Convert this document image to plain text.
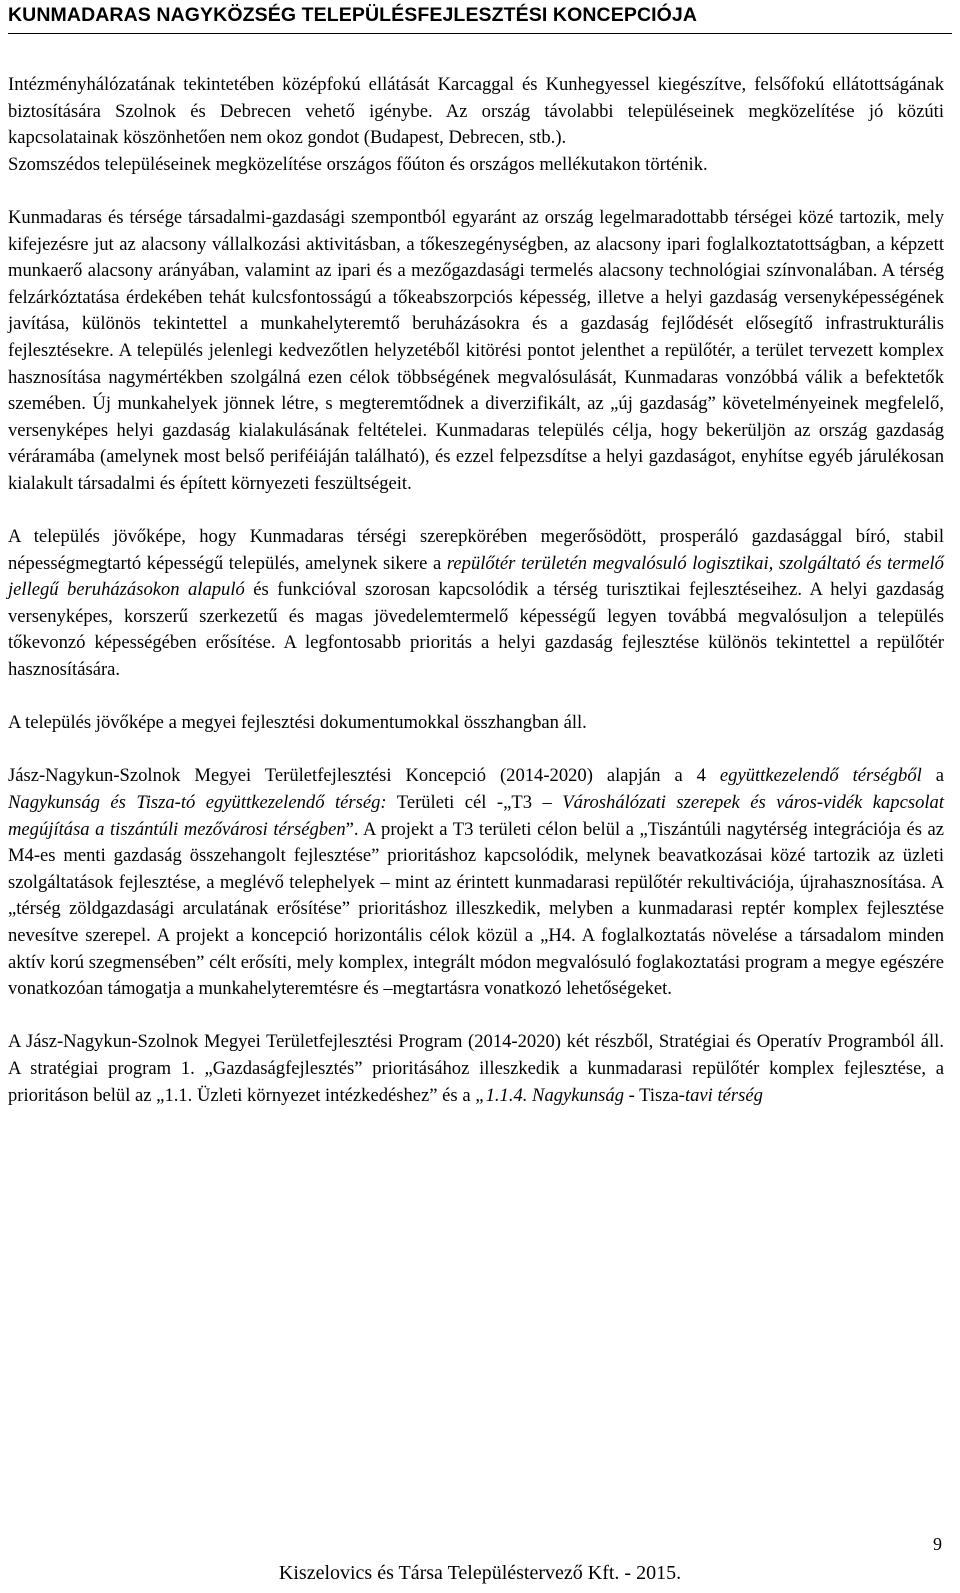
KUNMADARAS NAGYKÖZSÉG TELEPÜLÉSFEJLESZTÉSI KONCEPCIÓJA

Intézményhálózatának tekintetében középfokú ellátását Karcaggal és Kunhegyessel kiegészítve, felsőfokú ellátottságának biztosítására Szolnok és Debrecen vehető igénybe. Az ország távolabbi településeinek megközelítése jó közúti kapcsolatainak köszönhetően nem okoz gondot (Budapest, Debrecen, stb.).

Szomszédos településeinek megközelítése országos főúton és országos mellékutakon történik.

Kunmadaras és térsége társadalmi-gazdasági szempontból egyaránt az ország legelmaradottabb térségei közé tartozik, mely kifejezésre jut az alacsony vállalkozási aktivitásban, a tőkeszegénységben, az alacsony ipari foglalkoztatottságban, a képzett munkaerő alacsony arányában, valamint az ipari és a mezőgazdasági termelés alacsony technológiai színvonalában. A térség felzárkóztatása érdekében tehát kulcsfontosságú a tőkeabszorpciós képesség, illetve a helyi gazdaság versenyképességének javítása, különös tekintettel a munkahelyteremtő beruházásokra és a gazdaság fejlődését elősegítő infrastrukturális fejlesztésekre. A település jelenlegi kedvezőtlen helyzetéből kitörési pontot jelenthet a repülőtér, a terület tervezett komplex hasznosítása nagymértékben szolgálná ezen célok többségének megvalósulását, Kunmadaras vonzóbbá válik a befektetők szemében. Új munkahelyek jönnek létre, s megteremtődnek a diverzifikált, az „új gazdaság” követelményeinek megfelelő, versenyképes helyi gazdaság kialakulásának feltételei. Kunmadaras település célja, hogy bekerüljön az ország gazdaság véráramába (amelynek most belső periféiáján található), és ezzel felpezsdítse a helyi gazdaságot, enyhítse egyéb járulékosan kialakult társadalmi és épített környezeti feszültségeit.

A település jövőképe, hogy Kunmadaras térségi szerepkörében megerősödött, prosperáló gazdasággal bíró, stabil népességmegtartó képességű település, amelynek sikere a repülőtér területén megvalósuló logisztikai, szolgáltató és termelő jellegű beruházásokon alapuló és funkcióval szorosan kapcsolódik a térség turisztikai fejlesztéseihez. A helyi gazdaság versenyképes, korszerű szerkezetű és magas jövedelemtermelő képességű legyen továbbá megvalósuljon a település tőkevonzó képességében erősítése. A legfontosabb prioritás a helyi gazdaság fejlesztése különös tekintettel a repülőtér hasznosítására.

A település jövőképe a megyei fejlesztési dokumentumokkal összhangban áll.

Jász-Nagykun-Szolnok Megyei Területfejlesztési Koncepció (2014-2020) alapján a 4 együttkezelendő térségből a Nagykunság és Tisza-tó együttkezelendő térség: Területi cél -„T3 – Városhálózati szerepek és város-vidék kapcsolat megújítása a tiszántúli mezővárosi térségben”. A projekt a T3 területi célon belül a „Tiszántúli nagytérség integrációja és az M4-es menti gazdaság összehangolt fejlesztése” prioritáshoz kapcsolódik, melynek beavatkozásai közé tartozik az üzleti szolgáltatások fejlesztése, a meglévő telephelyek – mint az érintett kunmadarasi repülőtér rekultivációja, újrahasznosítása. A „térség zöldgazdasági arculatának erősítése” prioritáshoz illeszkedik, melyben a kunmadarasi reptér komplex fejlesztése nevesítve szerepel. A projekt a koncepció horizontális célok közül a „H4. A foglalkoztatás növelése a társadalom minden aktív korú szegmensében” célt erősíti, mely komplex, integrált módon megvalósuló foglakoztatási program a megye egészére vonatkozóan támogatja a munkahelyteremtésre és –megtartásra vonatkozó lehetőségeket.

A Jász-Nagykun-Szolnok Megyei Területfejlesztési Program (2014-2020) két részből, Stratégiai és Operatív Programból áll. A stratégiai program 1. „Gazdaságfejlesztés” prioritásához illeszkedik a kunmadarasi repülőtér komplex fejlesztése, a prioritáson belül az „1.1. Üzleti környezet intézkedéshez” és a „1.1.4. Nagykunság - Tisza-tavi térség

9
Kiszelovics és Társa Településtervező Kft. - 2015.
